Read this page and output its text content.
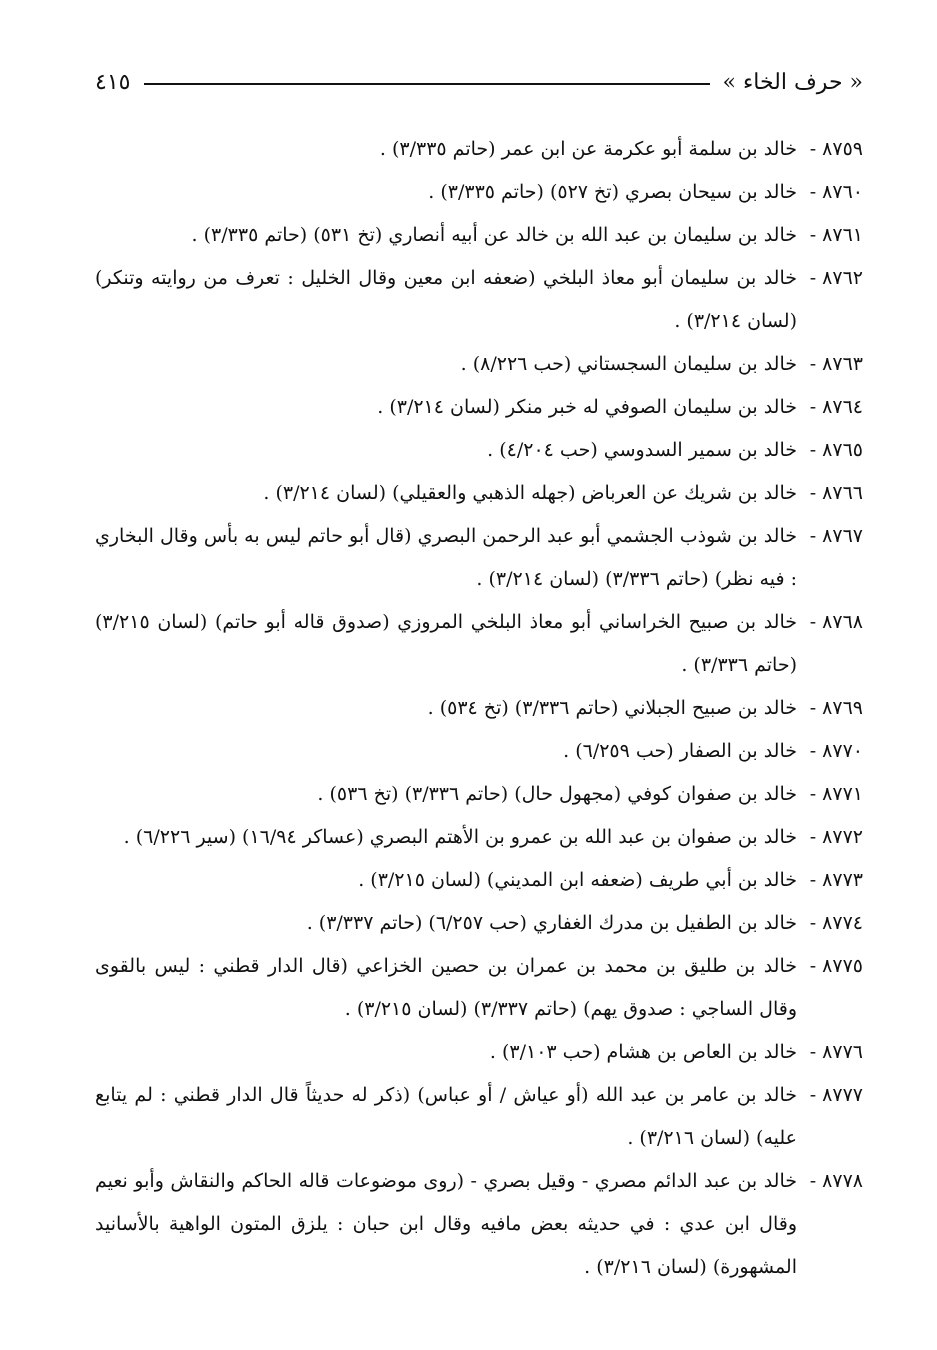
« حرف الخاء »
٤١٥
٨٧٥٩ -
خالد بن سلمة أبو عكرمة عن ابن عمر (حاتم ٣/٣٣٥) .
٨٧٦٠ -
خالد بن سيحان بصري (تخ ٥٢٧) (حاتم ٣/٣٣٥) .
٨٧٦١ -
خالد بن سليمان بن عبد الله بن خالد عن أبيه أنصاري (تخ ٥٣١) (حاتم ٣/٣٣٥) .
٨٧٦٢ -
خالد بن سليمان أبو معاذ البلخي (ضعفه ابن معين وقال الخليل : تعرف من روايته وتنكر) (لسان ٣/٢١٤) .
٨٧٦٣ -
خالد بن سليمان السجستاني (حب ٨/٢٢٦) .
٨٧٦٤ -
خالد بن سليمان الصوفي له خبر منكر (لسان ٣/٢١٤) .
٨٧٦٥ -
خالد بن سمير السدوسي (حب ٤/٢٠٤) .
٨٧٦٦ -
خالد بن شريك عن العرباض (جهله الذهبي والعقيلي) (لسان ٣/٢١٤) .
٨٧٦٧ -
خالد بن شوذب الجشمي أبو عبد الرحمن البصري (قال أبو حاتم ليس به بأس وقال البخاري : فيه نظر) (حاتم ٣/٣٣٦) (لسان ٣/٢١٤) .
٨٧٦٨ -
خالد بن صبيح الخراساني أبو معاذ البلخي المروزي (صدوق قاله أبو حاتم) (لسان ٣/٢١٥) (حاتم ٣/٣٣٦) .
٨٧٦٩ -
خالد بن صبيح الجبلاني (حاتم ٣/٣٣٦) (تخ ٥٣٤) .
٨٧٧٠ -
خالد بن الصفار (حب ٦/٢٥٩) .
٨٧٧١ -
خالد بن صفوان كوفي (مجهول حال) (حاتم ٣/٣٣٦) (تخ ٥٣٦) .
٨٧٧٢ -
خالد بن صفوان بن عبد الله بن عمرو بن الأهتم البصري (عساكر ١٦/٩٤) (سير ٦/٢٢٦) .
٨٧٧٣ -
خالد بن أبي طريف (ضعفه ابن المديني) (لسان ٣/٢١٥) .
٨٧٧٤ -
خالد بن الطفيل بن مدرك الغفاري (حب ٦/٢٥٧) (حاتم ٣/٣٣٧) .
٨٧٧٥ -
خالد بن طليق بن محمد بن عمران بن حصين الخزاعي (قال الدار قطني : ليس بالقوى وقال الساجي : صدوق يهم) (حاتم ٣/٣٣٧) (لسان ٣/٢١٥) .
٨٧٧٦ -
خالد بن العاص بن هشام (حب ٣/١٠٣) .
٨٧٧٧ -
خالد بن عامر بن عبد الله (أو عياش / أو عباس) (ذكر له حديثاً قال الدار قطني : لم يتابع عليه) (لسان ٣/٢١٦) .
٨٧٧٨ -
خالد بن عبد الدائم مصري - وقيل بصري - (روى موضوعات قاله الحاكم والنقاش وأبو نعيم وقال ابن عدي : في حديثه بعض مافيه وقال ابن حبان : يلزق المتون الواهية بالأسانيد المشهورة) (لسان ٣/٢١٦) .
